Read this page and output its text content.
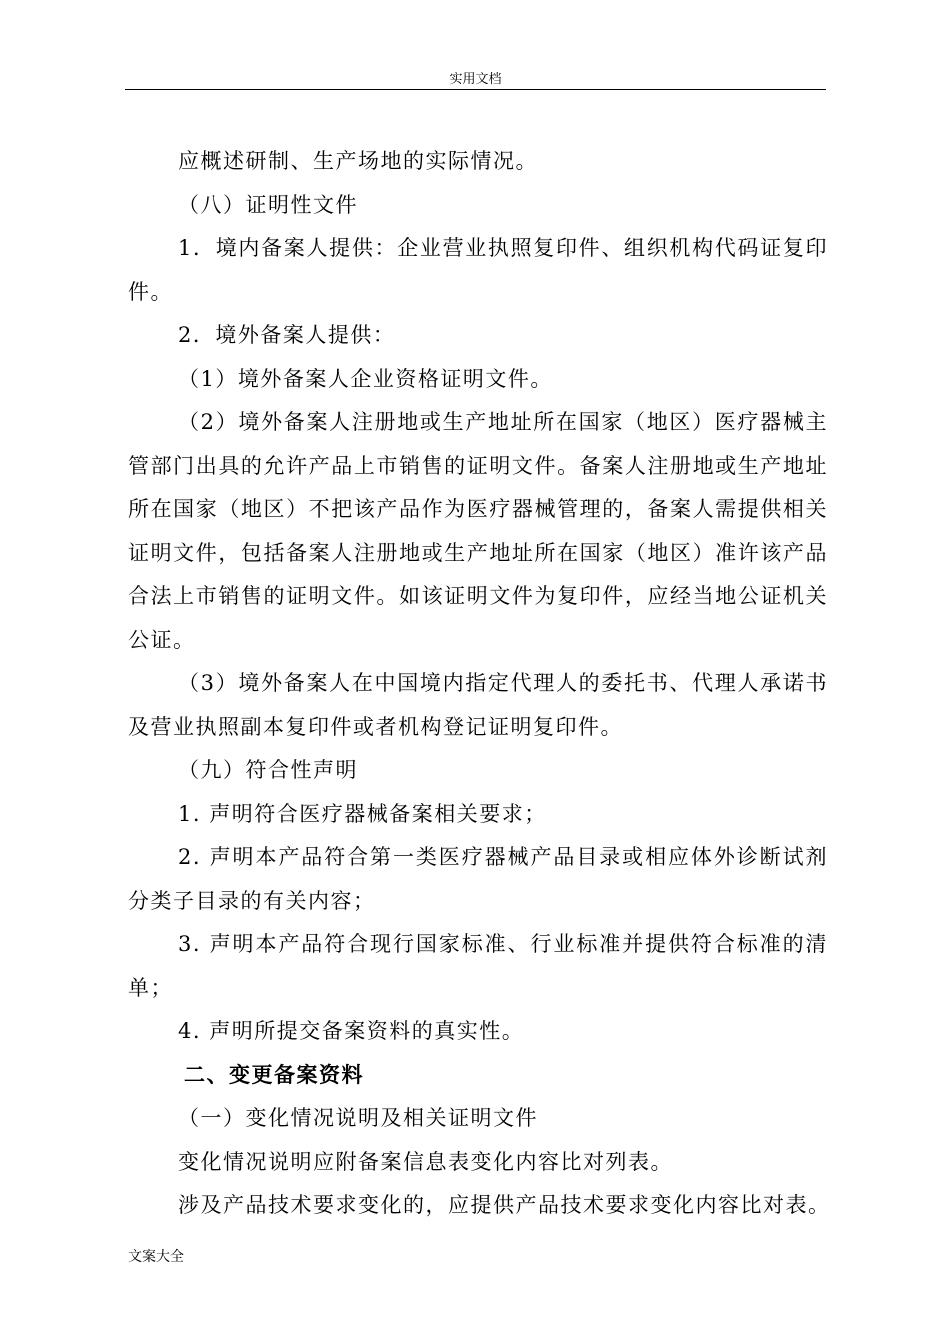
实用文档

应概述研制、生产场地的实际情况。

（八）证明性文件

1．境内备案人提供：企业营业执照复印件、组织机构代码证复印件。

2．境外备案人提供：

（1）境外备案人企业资格证明文件。

（2）境外备案人注册地或生产地址所在国家（地区）医疗器械主管部门出具的允许产品上市销售的证明文件。备案人注册地或生产地址所在国家（地区）不把该产品作为医疗器械管理的，备案人需提供相关证明文件，包括备案人注册地或生产地址所在国家（地区）准许该产品合法上市销售的证明文件。如该证明文件为复印件，应经当地公证机关公证。

（3）境外备案人在中国境内指定代理人的委托书、代理人承诺书及营业执照副本复印件或者机构登记证明复印件。

（九）符合性声明

1. 声明符合医疗器械备案相关要求；

2. 声明本产品符合第一类医疗器械产品目录或相应体外诊断试剂分类子目录的有关内容；

3. 声明本产品符合现行国家标准、行业标准并提供符合标准的清单；

4. 声明所提交备案资料的真实性。

二、变更备案资料

（一）变化情况说明及相关证明文件

变化情况说明应附备案信息表变化内容比对列表。

涉及产品技术要求变化的，应提供产品技术要求变化内容比对表。

文案大全
